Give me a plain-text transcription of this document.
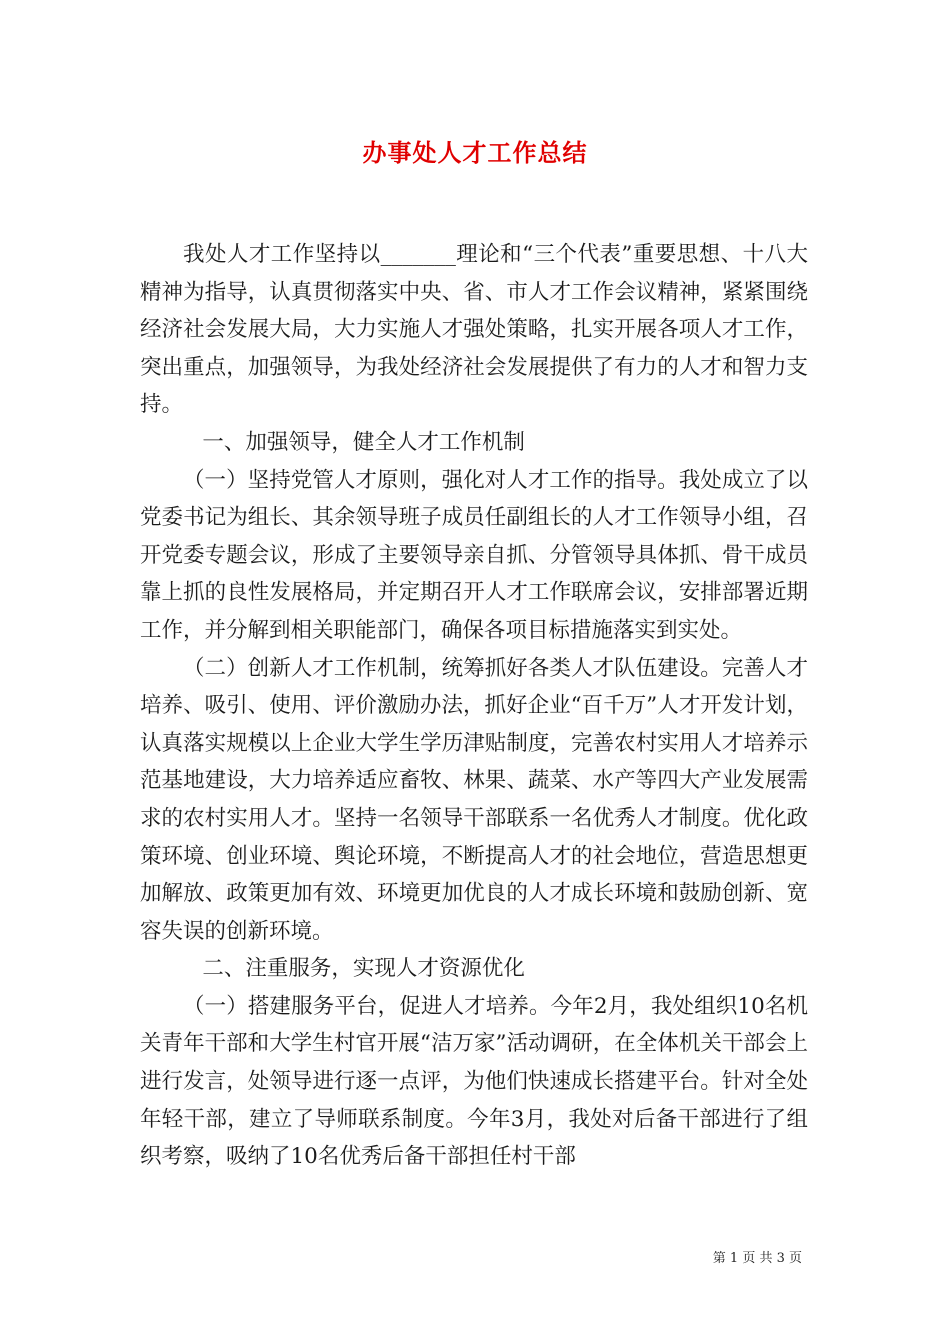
办事处人才工作总结

我处人才工作坚持以_______理论和“三个代表”重要思想、十八大精神为指导，认真贯彻落实中央、省、市人才工作会议精神，紧紧围绕经济社会发展大局，大力实施人才强处策略，扎实开展各项人才工作，突出重点，加强领导，为我处经济社会发展提供了有力的人才和智力支持。

一、加强领导，健全人才工作机制

（一）坚持党管人才原则，强化对人才工作的指导。我处成立了以党委书记为组长、其余领导班子成员任副组长的人才工作领导小组，召开党委专题会议，形成了主要领导亲自抓、分管领导具体抓、骨干成员靠上抓的良性发展格局，并定期召开人才工作联席会议，安排部署近期工作，并分解到相关职能部门，确保各项目标措施落实到实处。

（二）创新人才工作机制，统筹抓好各类人才队伍建设。完善人才培养、吸引、使用、评价激励办法，抓好企业“百千万”人才开发计划，认真落实规模以上企业大学生学历津贴制度，完善农村实用人才培养示范基地建设，大力培养适应畜牧、林果、蔬菜、水产等四大产业发展需求的农村实用人才。坚持一名领导干部联系一名优秀人才制度。优化政策环境、创业环境、舆论环境，不断提高人才的社会地位，营造思想更加解放、政策更加有效、环境更加优良的人才成长环境和鼓励创新、宽容失误的创新环境。

二、注重服务，实现人才资源优化

（一）搭建服务平台，促进人才培养。今年2月，我处组织10名机关青年干部和大学生村官开展“洁万家”活动调研，在全体机关干部会上进行发言，处领导进行逐一点评，为他们快速成长搭建平台。针对全处年轻干部，建立了导师联系制度。今年3月，我处对后备干部进行了组织考察，吸纳了10名优秀后备干部担任村干部

第 1 页 共 3 页
